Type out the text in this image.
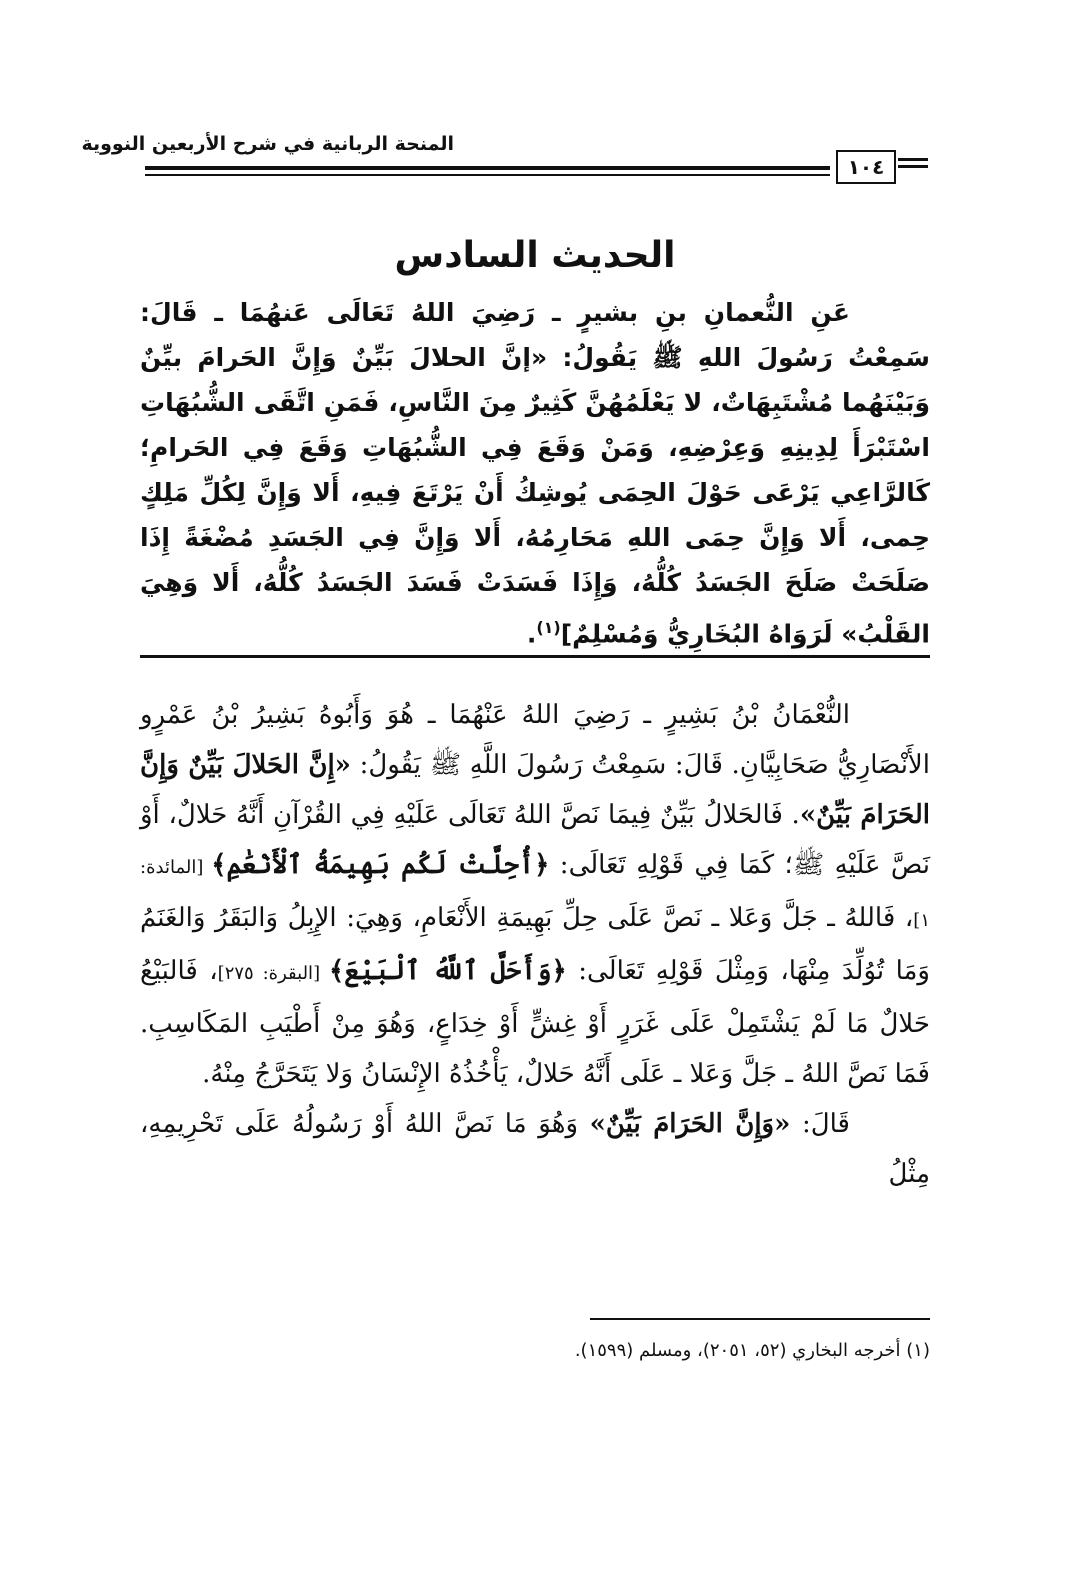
المنحة الربانية في شرح الأربعين النووية
١٠٤
الحديث السادس

عَنِ النُّعمانِ بنِ بشيرٍ ـ رَضِيَ اللهُ تَعَالَى عَنهُمَا ـ قَالَ: سَمِعْتُ رَسُولَ اللهِ ﷺ يَقُولُ: «إنَّ الحلالَ بَيِّنٌ وَإِنَّ الحَرامَ بيِّنٌ وَبَيْنَهُما مُشْتَبِهَاتٌ، لا يَعْلَمُهُنَّ كَثِيرٌ مِنَ النَّاسِ، فَمَنِ اتَّقَى الشُّبُهَاتِ اسْتَبْرَأَ لِدِينِهِ وَعِرْضِهِ، وَمَنْ وَقَعَ فِي الشُّبُهَاتِ وَقَعَ فِي الحَرامِ؛ كَالرَّاعِي يَرْعَى حَوْلَ الحِمَى يُوشِكُ أَنْ يَرْتَعَ فِيهِ، أَلا وَإِنَّ لِكُلِّ مَلِكٍ حِمى، أَلا وَإِنَّ حِمَى اللهِ مَحَارِمُهُ، أَلا وَإِنَّ فِي الجَسَدِ مُضْغَةً إِذَا صَلَحَتْ صَلَحَ الجَسَدُ كُلُّهُ، وَإِذَا فَسَدَتْ فَسَدَ الجَسَدُ كُلُّهُ، أَلا وَهِيَ القَلْبُ» لَرَوَاهُ البُخَارِيُّ وَمُسْلِمٌ]$^{(١)}$.

النُّعْمَانُ بْنُ بَشِيرٍ ـ رَضِيَ اللهُ عَنْهُمَا ـ هُوَ وَأَبُوهُ بَشِيرُ بْنُ عَمْرٍو الأَنْصَارِيُّ صَحَابِيَّانِ. قَالَ: سَمِعْتُ رَسُولَ اللَّهِ ﷺ يَقُولُ: «إِنَّ الحَلالَ بَيِّنٌ وَإِنَّ الحَرَامَ بَيِّنٌ». فَالحَلالُ بَيِّنٌ فِيمَا نَصَّ اللهُ تَعَالَى عَلَيْهِ فِي القُرْآنِ أَنَّهُ حَلالٌ، أَوْ نَصَّ عَلَيْهِ ﷺ؛ كَمَا فِي قَوْلِهِ تَعَالَى: ﴿أُحِلَّتْ لَكُم بَهِيمَةُ ٱلْأَنْعَٰمِ﴾ [المائدة: ١]، فَاللهُ ـ جَلَّ وَعَلا ـ نَصَّ عَلَى حِلِّ بَهِيمَةِ الأَنْعَامِ، وَهِيَ: الإِبِلُ وَالبَقَرُ وَالغَنَمُ وَمَا تُوُلِّدَ مِنْهَا، وَمِثْلَ قَوْلِهِ تَعَالَى: ﴿وَأَحَلَّ ٱللَّهُ ٱلْبَيْعَ﴾ [البقرة: ٢٧٥]، فَالبَيْعُ حَلالٌ مَا لَمْ يَشْتَمِلْ عَلَى غَرَرٍ أَوْ غِشٍّ أَوْ خِدَاعٍ، وَهُوَ مِنْ أَطْيَبِ المَكَاسِبِ. فَمَا نَصَّ اللهُ ـ جَلَّ وَعَلا ـ عَلَى أَنَّهُ حَلالٌ، يَأْخُذُهُ الإِنْسَانُ وَلا يَتَحَرَّجُ مِنْهُ.

قَالَ: «وَإِنَّ الحَرَامَ بَيِّنٌ» وَهُوَ مَا نَصَّ اللهُ أَوْ رَسُولُهُ عَلَى تَحْرِيمِهِ، مِثْلُ

(١) أخرجه البخاري (٥٢، ٢٠٥١)، ومسلم (١٥٩٩).
